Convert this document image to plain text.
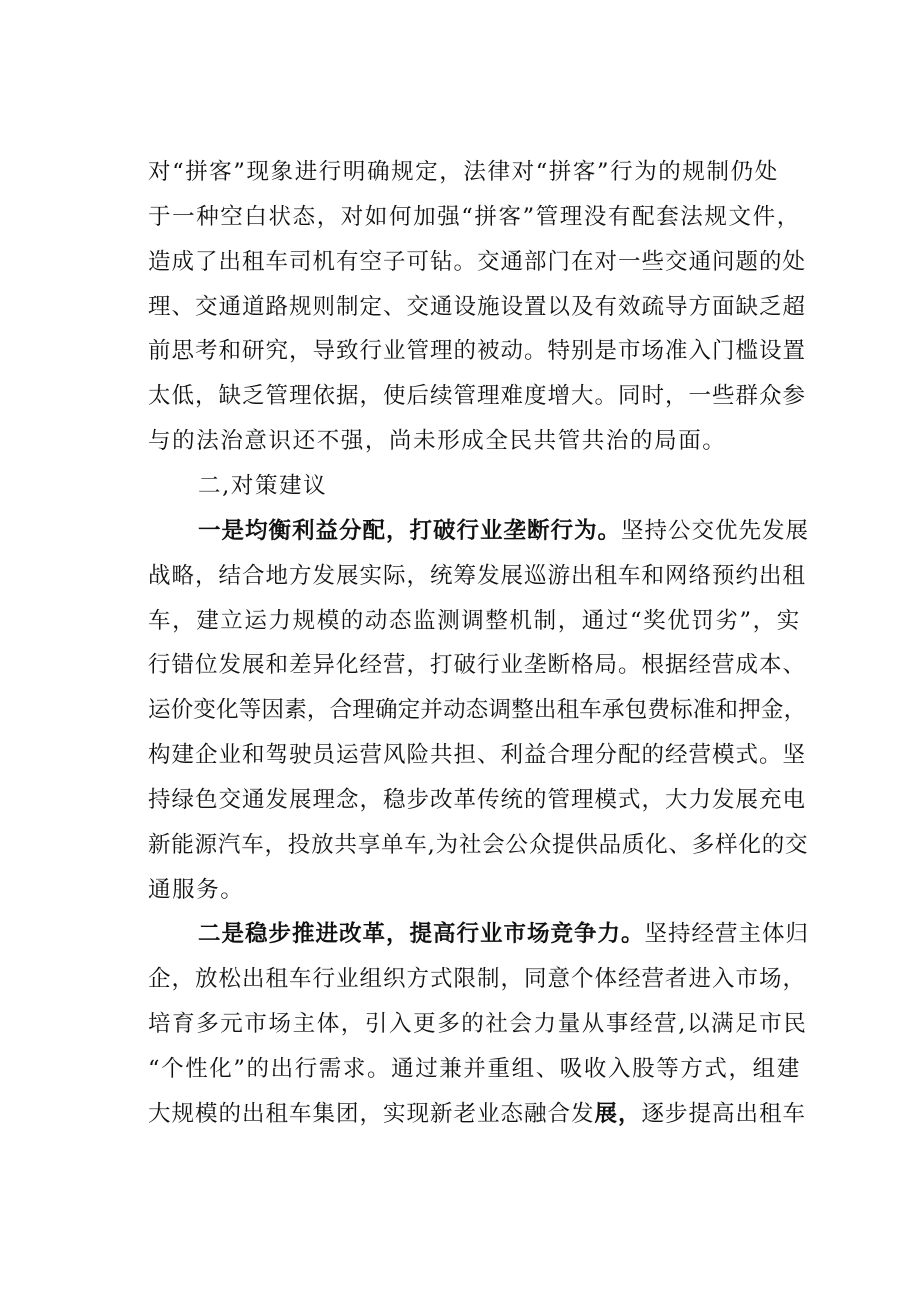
对“拼客”现象进行明确规定，法律对“拼客”行为的规制仍处
于一种空白状态，对如何加强“拼客”管理没有配套法规文件，
造成了出租车司机有空子可钻。交通部门在对一些交通问题的处
理、交通道路规则制定、交通设施设置以及有效疏导方面缺乏超
前思考和研究，导致行业管理的被动。特别是市场准入门槛设置
太低，缺乏管理依据，使后续管理难度增大。同时，一些群众参
与的法治意识还不强，尚未形成全民共管共治的局面。
二,对策建议
一是均衡利益分配，打破行业垄断行为。坚持公交优先发展
战略，结合地方发展实际，统筹发展巡游出租车和网络预约出租
车，建立运力规模的动态监测调整机制，通过“奖优罚劣”，实
行错位发展和差异化经营，打破行业垄断格局。根据经营成本、
运价变化等因素，合理确定并动态调整出租车承包费标准和押金，
构建企业和驾驶员运营风险共担、利益合理分配的经营模式。坚
持绿色交通发展理念，稳步改革传统的管理模式，大力发展充电
新能源汽车，投放共享单车,为社会公众提供品质化、多样化的交
通服务。
二是稳步推进改革，提高行业市场竞争力。坚持经营主体归
企，放松出租车行业组织方式限制，同意个体经营者进入市场，
培育多元市场主体，引入更多的社会力量从事经营,以满足市民
“个性化”的出行需求。通过兼并重组、吸收入股等方式，组建
大规模的出租车集团，实现新老业态融合发展，逐步提高出租车
